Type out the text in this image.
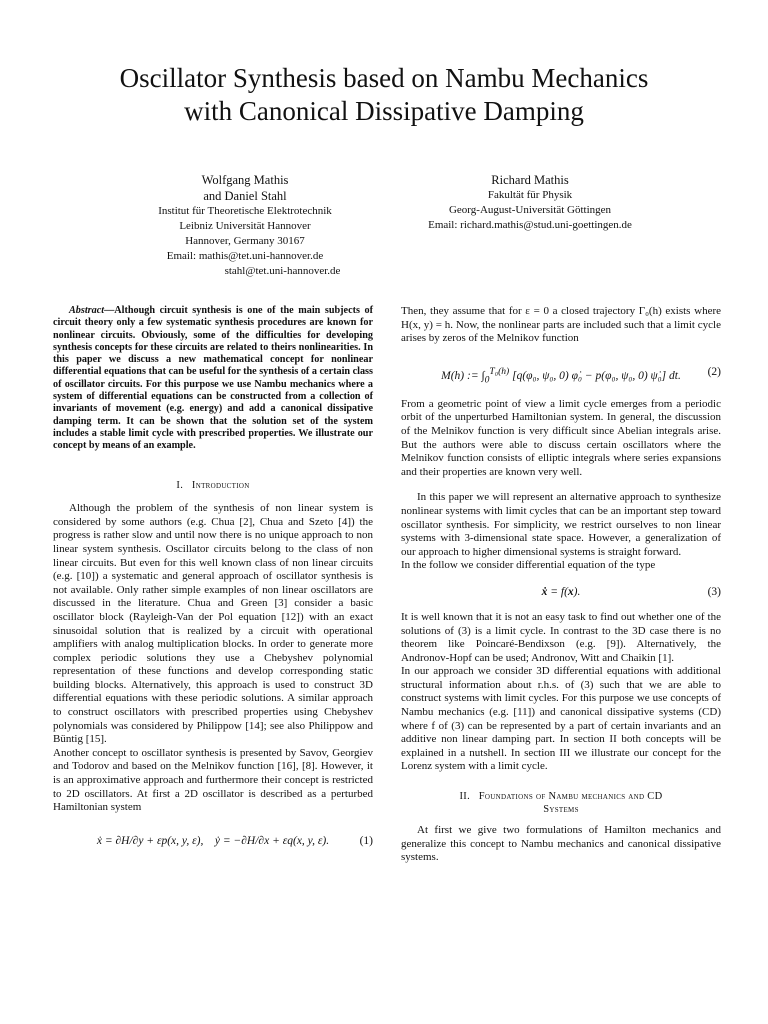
Oscillator Synthesis based on Nambu Mechanics
with Canonical Dissipative Damping
Wolfgang Mathis
and Daniel Stahl
Institut für Theoretische Elektrotechnik
Leibniz Universität Hannover
Hannover, Germany 30167
Email: mathis@tet.uni-hannover.de
stahl@tet.uni-hannover.de
Richard Mathis
Fakultät für Physik
Georg-August-Universität Göttingen
Email: richard.mathis@stud.uni-goettingen.de

Abstract—Although circuit synthesis is one of the main subjects of circuit theory only a few systematic synthesis procedures are known for nonlinear circuits. Obviously, some of the difficulties for developing synthesis concepts for these circuits are related to theirs nonlinearities. In this paper we discuss a new mathematical concept for nonlinear differential equations that can be useful for the synthesis of a certain class of oscillator circuits. For this purpose we use Nambu mechanics where a system of differential equations can be constructed from a collection of invariants of movement (e.g. energy) and add a canonical dissipative damping term. It can be shown that the solution set of the system includes a stable limit cycle with prescribed properties. We illustrate our concept by means of an example.

I. Introduction

Although the problem of the synthesis of non linear system is considered by some authors (e.g. Chua [2], Chua and Szeto [4]) the progress is rather slow and until now there is no unique approach to non linear system synthesis. Oscillator circuits belong to the class of non linear circuits. But even for this well known class of non linear circuits (e.g. [10]) a systematic and general approach of oscillator synthesis is not available. Only rather simple examples of non linear oscillators are discussed in the literature. Chua and Green [3] consider a basic oscillator block (Rayleigh-Van der Pol equation [12]) with an exact sinusoidal solution that is realized by a circuit with operational amplifiers with analog multiplication blocks. In order to generate more complex periodic solutions they use a Chebyshev polynomial representation of these functions and develop corresponding static building blocks. Alternatively, this approach is used to construct 3D differential equations with these periodic solutions. A similar approach to construct oscillators with prescribed properties using Chebyshev polynomials was considered by Philippow [14]; see also Philippow and Büntig [15].

Another concept to oscillator synthesis is presented by Savov, Georgiev and Todorov and based on the Melnikov function [16], [8]. However, it is an approximative approach and furthermore their concept is restricted to 2D oscillators. At first a 2D oscillator is described as a perturbed Hamiltonian system

ẋ = ∂H/∂y + εp(x, y, ε),    ẏ = −∂H/∂x + εq(x, y, ε).	(1)

Then, they assume that for ε = 0 a closed trajectory Γ₀(h) exists where H(x, y) = h. Now, the nonlinear parts are included such that a limit cycle arises by zeros of the Melnikov function

M(h) := $\int_0^{T_0(h)}$ [q(φ₀, ψ₀, 0) φ̇₀ − p(φ₀, ψ₀, 0) ψ̇₀] dt. (2)

From a geometric point of view a limit cycle emerges from a periodic orbit of the unperturbed Hamiltonian system. In general, the discussion of the Melnikov function is very difficult since Abelian integrals arise. But the authors were able to discuss certain oscillators where the Melnikov function consists of elliptic integrals where series expansions and their properties are known very well.

In this paper we will represent an alternative approach to synthesize nonlinear systems with limit cycles that can be an important step toward oscillator synthesis. For simplicity, we restrict ourselves to non linear systems with 3-dimensional state space. However, a generalization of our approach to higher dimensional systems is straight forward.

In the follow we consider differential equation of the type

ẋ = f(x).	(3)

It is well known that it is not an easy task to find out whether one of the solutions of (3) is a limit cycle. In contrast to the 3D case there is no theorem like Poincaré-Bendixson (e.g. [9]). Alternatively, the Andronov-Hopf can be used; Andronov, Witt and Chaikin [1].

In our approach we consider 3D differential equations with additional structural information about r.h.s. of (3) such that we are able to construct systems with limit cycles. For this purpose we use concepts of Nambu mechanics (e.g. [11]) and canonical dissipative systems (CD) where f of (3) can be represented by a part of certain invariants and an additive non linear damping part. In section II both concepts will be explained in a nutshell. In section III we illustrate our concept for the Lorenz system with a limit cycle.

II. Foundations of Nambu mechanics and CD
Systems

At first we give two formulations of Hamilton mechanics and generalize this concept to Nambu mechanics and canonical dissipative systems.
